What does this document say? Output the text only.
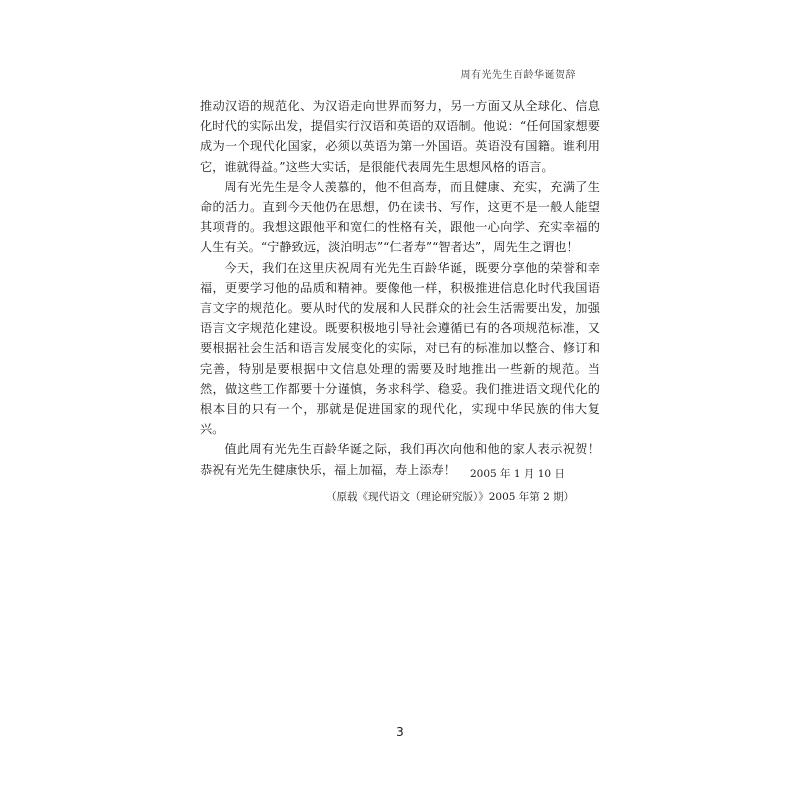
周有光先生百龄华诞贺辞

推动汉语的规范化、为汉语走向世界而努力，另一方面又从全球化、信息化时代的实际出发，提倡实行汉语和英语的双语制。他说：“任何国家想要成为一个现代化国家，必须以英语为第一外国语。英语没有国籍。谁利用它，谁就得益。”这些大实话，是很能代表周先生思想风格的语言。

周有光先生是令人羡慕的，他不但高寿，而且健康、充实，充满了生命的活力。直到今天他仍在思想，仍在读书、写作，这更不是一般人能望其项背的。我想这跟他平和宽仁的性格有关，跟他一心向学、充实幸福的人生有关。“宁静致远，淡泊明志”“仁者寿”“智者达”，周先生之谓也！

今天，我们在这里庆祝周有光先生百龄华诞，既要分享他的荣誉和幸福，更要学习他的品质和精神。要像他一样，积极推进信息化时代我国语言文字的规范化。要从时代的发展和人民群众的社会生活需要出发，加强语言文字规范化建设。既要积极地引导社会遵循已有的各项规范标准，又要根据社会生活和语言发展变化的实际，对已有的标准加以整合、修订和完善，特别是要根据中文信息处理的需要及时地推出一些新的规范。当然，做这些工作都要十分谨慎，务求科学、稳妥。我们推进语文现代化的根本目的只有一个，那就是促进国家的现代化，实现中华民族的伟大复兴。

值此周有光先生百龄华诞之际，我们再次向他和他的家人表示祝贺！恭祝有光先生健康快乐，福上加福，寿上添寿！	2005 年 1 月 10 日
（原载《现代语文（理论研究版）》2005 年第 2 期）
3
